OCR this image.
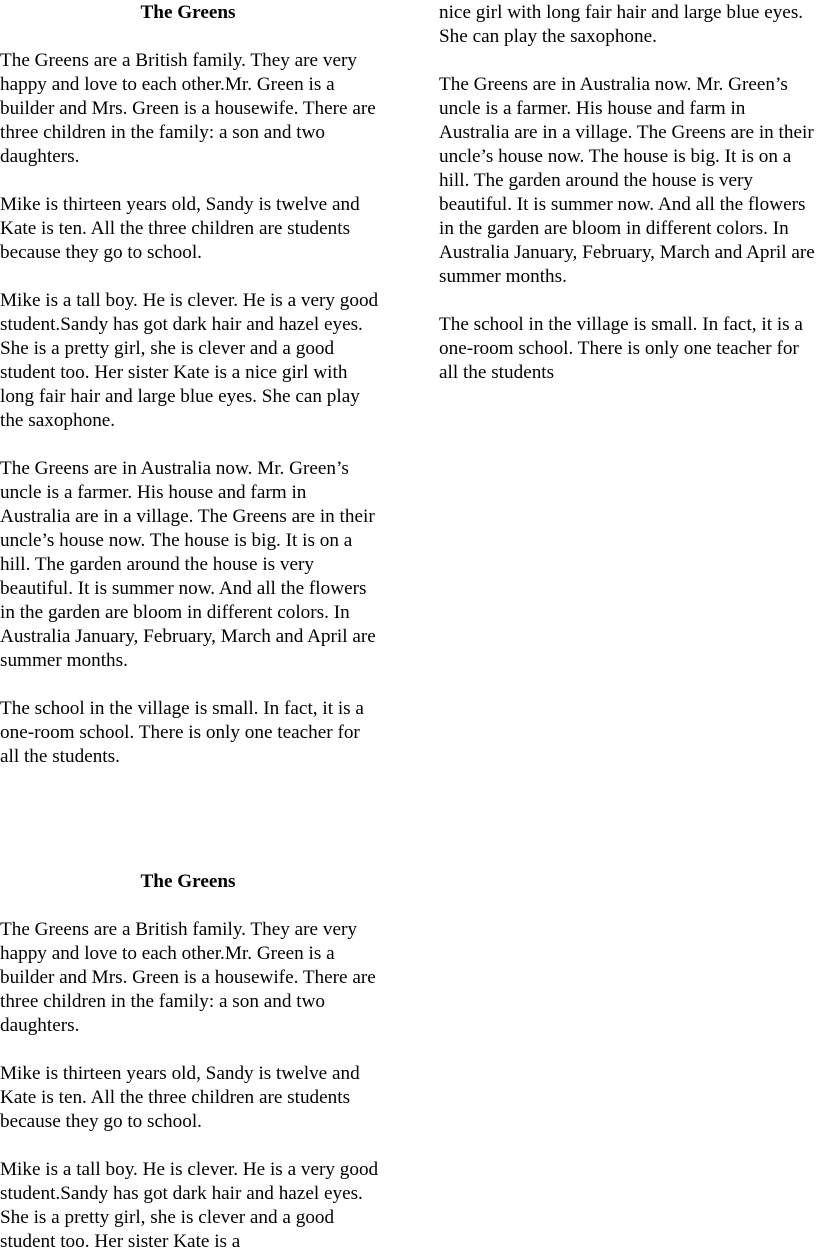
The Greens

The Greens are a British family. They are very happy and love to each other.Mr. Green is a builder and Mrs. Green is a housewife. There are three children in the family: a son and two daughters.

Mike is thirteen years old, Sandy is twelve and Kate is ten. All the three children are students because they go to school.

Mike is a tall boy. He is clever. He is a very good student.Sandy has got dark hair and hazel eyes. She is a pretty girl, she is clever and a good student too. Her sister Kate is a nice girl with long fair hair and large blue eyes. She can play the saxophone.

The Greens are in Australia now. Mr. Green’s uncle is a farmer. His house and farm in Australia are in a village. The Greens are in their uncle’s house now. The house is big. It is on a hill. The garden around the house is very beautiful. It is summer now. And all the flowers in the garden are bloom in different colors. In Australia January, February, March and April are summer months.

The school in the village is small. In fact, it is a one-room school. There is only one teacher for all the students.

The Greens

The Greens are a British family. They are very happy and love to each other.Mr. Green is a builder and Mrs. Green is a housewife. There are three children in the family: a son and two daughters.

Mike is thirteen years old, Sandy is twelve and Kate is ten. All the three children are students because they go to school.

Mike is a tall boy. He is clever. He is a very good student.Sandy has got dark hair and hazel eyes. She is a pretty girl, she is clever and a good student too. Her sister Kate is a

nice girl with long fair hair and large blue eyes. She can play the saxophone.

The Greens are in Australia now. Mr. Green’s uncle is a farmer. His house and farm in Australia are in a village. The Greens are in their uncle’s house now. The house is big. It is on a hill. The garden around the house is very beautiful. It is summer now. And all the flowers in the garden are bloom in different colors. In Australia January, February, March and April are summer months.

The school in the village is small. In fact, it is a one-room school. There is only one teacher for all the students
